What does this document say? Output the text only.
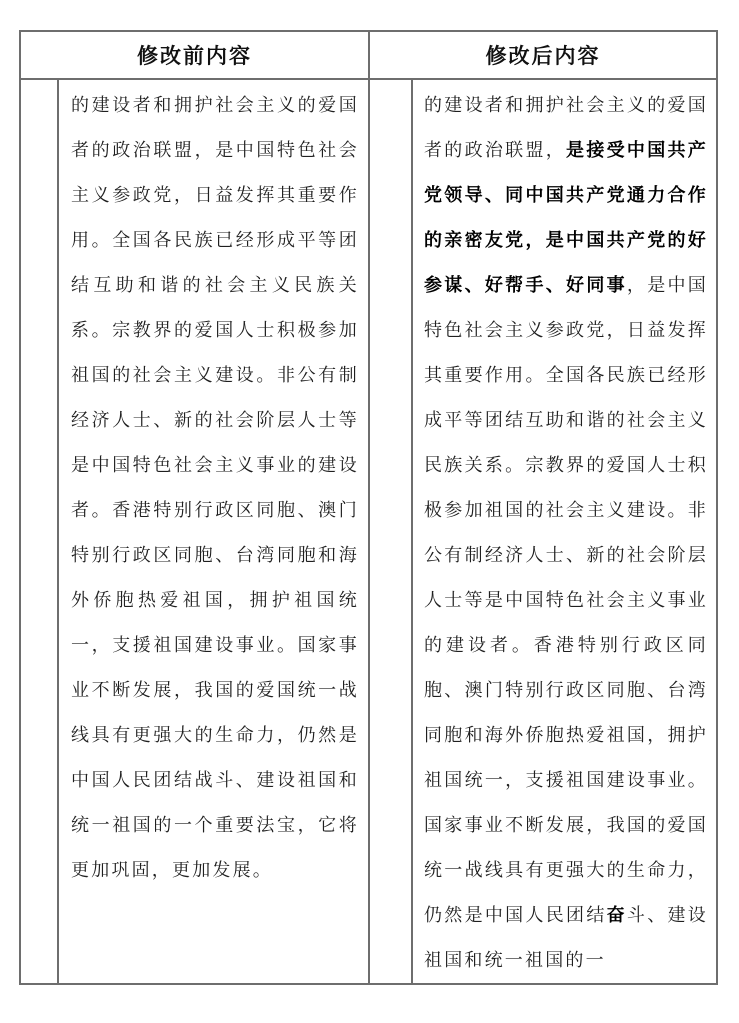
修改前内容	修改后内容

的建设者和拥护社会主义的爱国者的政治联盟，是中国特色社会主义参政党，日益发挥其重要作用。全国各民族已经形成平等团结互助和谐的社会主义民族关系。宗教界的爱国人士积极参加祖国的社会主义建设。非公有制经济人士、新的社会阶层人士等是中国特色社会主义事业的建设者。香港特别行政区同胞、澳门特别行政区同胞、台湾同胞和海外侨胞热爱祖国，拥护祖国统一，支援祖国建设事业。国家事业不断发展，我国的爱国统一战线具有更强大的生命力，仍然是中国人民团结战斗、建设祖国和统一祖国的一个重要法宝，它将更加巩固，更加发展。

的建设者和拥护社会主义的爱国者的政治联盟，是接受中国共产党领导、同中国共产党通力合作的亲密友党，是中国共产党的好参谋、好帮手、好同事，是中国特色社会主义参政党，日益发挥其重要作用。全国各民族已经形成平等团结互助和谐的社会主义民族关系。宗教界的爱国人士积极参加祖国的社会主义建设。非公有制经济人士、新的社会阶层人士等是中国特色社会主义事业的建设者。香港特别行政区同胞、澳门特别行政区同胞、台湾同胞和海外侨胞热爱祖国，拥护祖国统一，支援祖国建设事业。国家事业不断发展，我国的爱国统一战线具有更强大的生命力，仍然是中国人民团结奋斗、建设祖国和统一祖国的一
